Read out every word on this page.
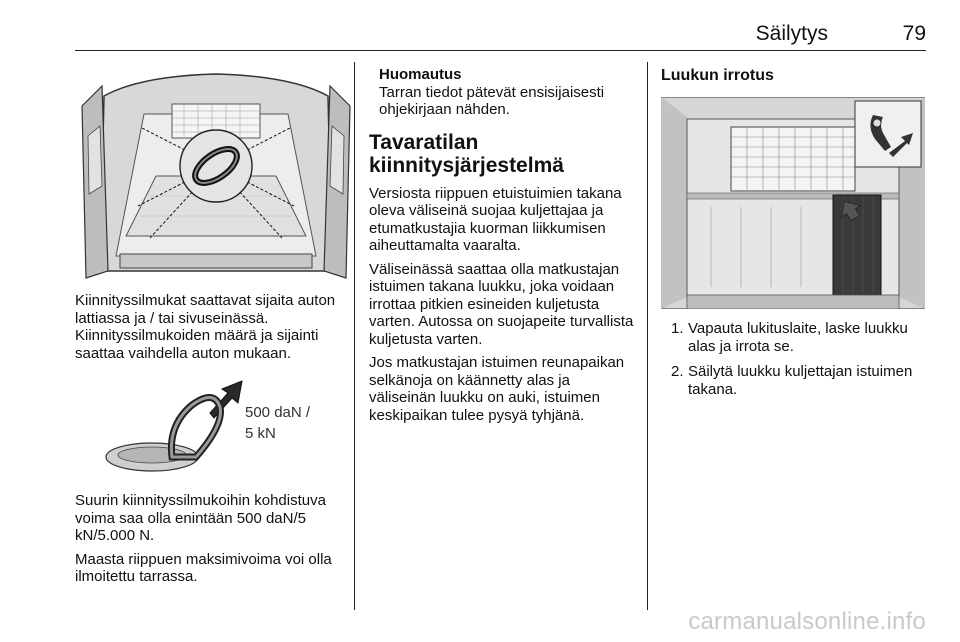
Säilytys	79

Kiinnityssilmukat saattavat sijaita auton lattiassa ja / tai sivuseinässä. Kiinnityssilmukoiden määrä ja sijainti saattaa vaihdella auton mukaan.

500 daN /
5 kN

Suurin kiinnityssilmukoihin kohdistuva voima saa olla enintään 500 daN/5 kN/5.000 N.

Maasta riippuen maksimivoima voi olla ilmoitettu tarrassa.

Huomautus

Tarran tiedot pätevät ensisijaisesti ohjekirjaan nähden.

Tavaratilan kiinnitysjärjestelmä

Versiosta riippuen etuistuimien takana oleva väliseinä suojaa kuljettajaa ja etumatkustajia kuorman liikkumisen aiheuttamalta vaaralta.

Väliseinässä saattaa olla matkustajan istuimen takana luukku, joka voidaan irrottaa pitkien esineiden kuljetusta varten. Autossa on suojapeite turvallista kuljetusta varten.

Jos matkustajan istuimen reunapaikan selkänoja on käännetty alas ja väliseinän luukku on auki, istuimen keskipaikan tulee pysyä tyhjänä.

Luukun irrotus
1. Vapauta lukituslaite, laske luukku alas ja irrota se.
2. Säilytä luukku kuljettajan istuimen takana.
carmanualsonline.info
